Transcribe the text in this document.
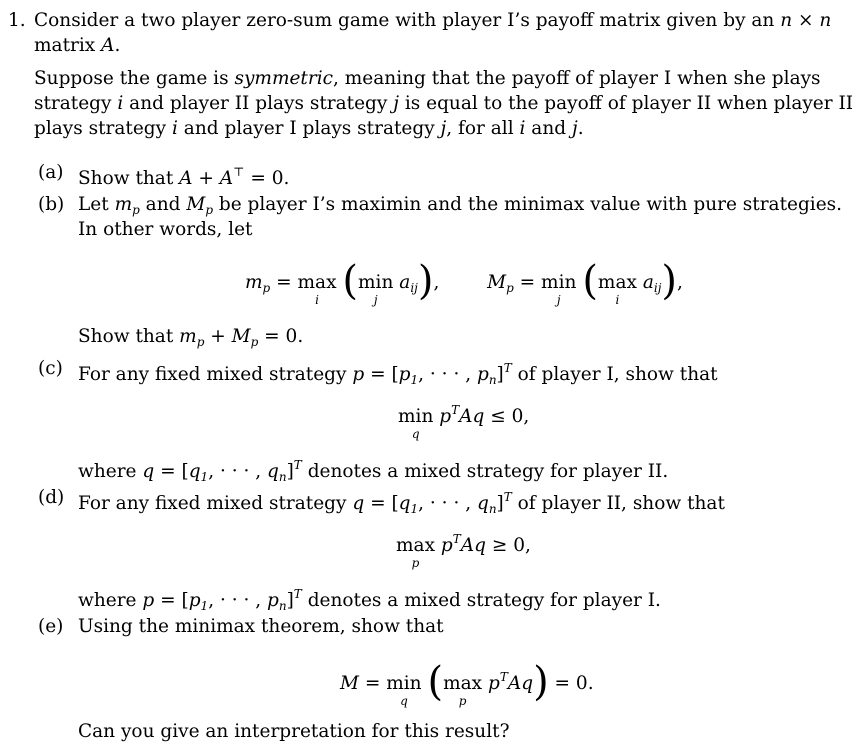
1. Consider a two player zero-sum game with player I’s payoff matrix given by an n × n
matrix A.
Suppose the game is symmetric, meaning that the payoff of player I when she plays
strategy i and player II plays strategy j is equal to the payoff of player II when player II
plays strategy i and player I plays strategy j, for all i and j.
(a) Show that A + A⊤ = 0.
(b) Let $m_p$ and $M_p$ be player I’s maximin and the minimax value with pure strategies.
In other words, let
$m_p = \max$
i (min
j
$a_{ij}$),  $M_p = \min$
j (max
i
$a_{ij}$),
Show that $m_p + M_p = 0$.
(c) For any fixed mixed strategy $p = [p_1$, · · · , $p_n]^T$ of player I, show that
min
q
$p^TAq \le 0$,
where $q = [q_1$, · · · , $q_n]^T$ denotes a mixed strategy for player II.
(d) For any fixed mixed strategy $q = [q_1$, · · · , $q_n]^T$ of player II, show that
max
p
$p^TAq \ge 0$,
where $p = [p_1$, · · · , $p_n]^T$ denotes a mixed strategy for player I.
(e) Using the minimax theorem, show that
M = min
q (max
p
$p^TAq) = 0$.
Can you give an interpretation for this result?
